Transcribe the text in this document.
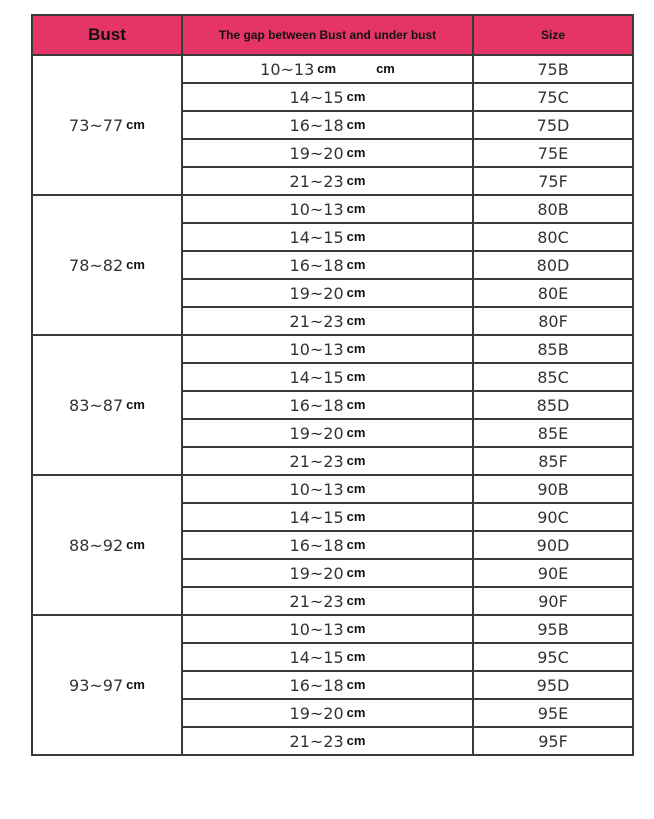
Bust	The gap between Bust and under bust	Size
73~77 cm	10~13 cm cm	75B
	14~15 cm	75C
	16~18 cm	75D
	19~20 cm	75E
	21~23 cm	75F
78~82 cm	10~13 cm	80B
	14~15 cm	80C
	16~18 cm	80D
	19~20 cm	80E
	21~23 cm	80F
83~87 cm	10~13 cm	85B
	14~15 cm	85C
	16~18 cm	85D
	19~20 cm	85E
	21~23 cm	85F
88~92 cm	10~13 cm	90B
	14~15 cm	90C
	16~18 cm	90D
	19~20 cm	90E
	21~23 cm	90F
93~97 cm	10~13 cm	95B
	14~15 cm	95C
	16~18 cm	95D
	19~20 cm	95E
	21~23 cm	95F
